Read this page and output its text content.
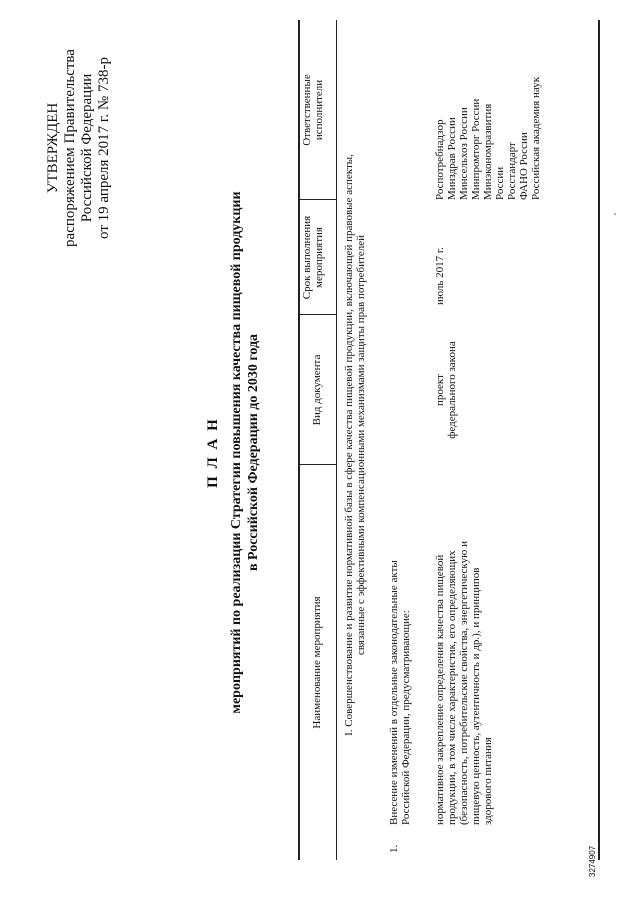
УТВЕРЖДЕН распоряжением Правительства Российской Федерации от 19 апреля 2017 г. № 738-р
П Л А Н мероприятий по реализации Стратегии повышения качества пищевой продукции в Российской Федерации до 2030 года
Наименование мероприятия
Вид документа
Срок выполнения мероприятия
Ответственные исполнители
I. Совершенствование и развитие нормативной базы в сфере качества пищевой продукции, включающей правовые аспекты, связанные с эффективными компенсационными механизмами защиты прав потребителей
1.
Внесение изменений в отдельные законодательные акты Российской Федерации, предусматривающие: нормативное закрепление определения качества пищевой продукции, в том числе характеристик, его определяющих (безопасность, потребительские свойства, энергетическую и пищевую ценность, аутентичность и др.), и принципов здорового питания
проект федерального закона
июль 2017 г.
Роспотребнадзор Минздрав России Минсельхоз России Минпромторг России Минэкономразвития России Росстандарт ФАНО России Российская академия наук
3274907
